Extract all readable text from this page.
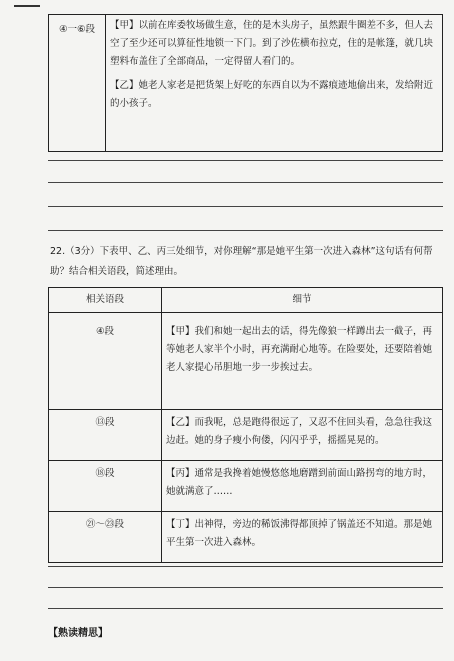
④一⑥段	【甲】以前在库委牧场做生意，住的是木头房子，虽然跟牛圈差不多，但人去空了至少还可以算征性地锁一下门。到了沙佐横布拉克，住的是帐篷，就几块塑料布盖住了全部商品，一定得留人看门的。
【乙】她老人家老是把货架上好吃的东西自以为不露痕迹地偷出来，发给附近的小孩子。
22.（3分）下表甲、乙、丙三处细节，对你理解“那是她平生第一次进入森林”这句话有何帮
助？结合相关语段，简述理由。
相关语段	细节

④段	【甲】我们和她一起出去的话，得先像狼一样蹲出去一截子，再等她老人家半个小时，再充满耐心地等。在险要处，还要陪着她老人家提心吊胆地一步一步挨过去。

⑬段	【乙】而我呢，总是跑得很远了，又忍不住回头看，急急往我这边赶。她的身子瘦小佝偻，闪闪乎乎，摇摇晃晃的。

⑱段	【丙】通常是我搀着她慢悠悠地磨蹭到前面山路拐弯的地方时，她就满意了……

㉑～㉓段	【丁】出神得，旁边的稀饭沸得都顶掉了锅盖还不知道。那是她平生第一次进入森林。
【熟读精思】
